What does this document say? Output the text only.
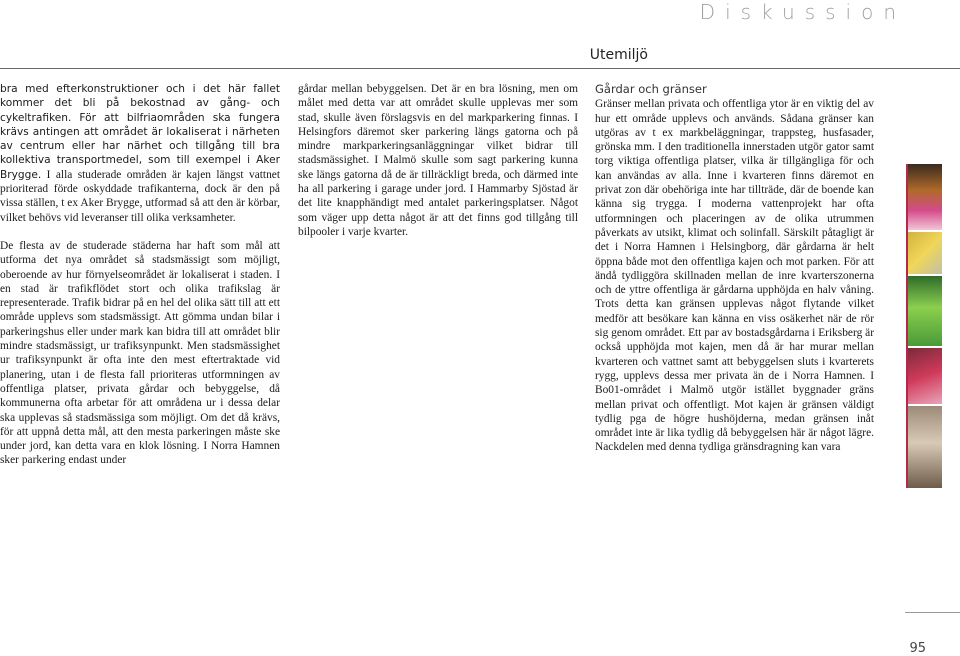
Diskussion
Utemiljö

bra med efterkonstruktioner och i det här fallet kommer det bli på bekostnad av gång- och cykeltrafiken. För att bilfriaområden ska fungera krävs antingen att området är lokaliserat i närheten av centrum eller har närhet och tillgång till bra kollektiva transportmedel, som till exempel i Aker Brygge. I alla studerade områden är kajen längst vattnet prioriterad förde oskyddade trafikanterna, dock är den på vissa ställen, t ex Aker Brygge, utformad så att den är körbar, vilket behövs vid leveranser till olika verksamheter.

De flesta av de studerade städerna har haft som mål att utforma det nya området så stadsmässigt som möjligt, oberoende av hur förnyelseområdet är lokaliserat i staden. I en stad är trafikflödet stort och olika trafikslag är representerade. Trafik bidrar på en hel del olika sätt till att ett område upplevs som stadsmässigt. Att gömma undan bilar i parkeringshus eller under mark kan bidra till att området blir mindre stadsmässigt, ur trafiksynpunkt. Men stadsmässighet ur trafiksynpunkt är ofta inte den mest eftertraktade vid planering, utan i de flesta fall prioriteras utformningen av offentliga platser, privata gårdar och bebyggelse, då kommunerna ofta arbetar för att områdena ur i dessa delar ska upplevas så stadsmässiga som möjligt. Om det då krävs, för att uppnå detta mål, att den mesta parkeringen måste ske under jord, kan detta vara en klok lösning. I Norra Hamnen sker parkering endast under

gårdar mellan bebyggelsen. Det är en bra lösning, men om målet med detta var att området skulle upplevas mer som stad, skulle även förslagsvis en del markparkering finnas. I Helsingfors däremot sker parkering längs gatorna och på mindre markparkeringsanläggningar vilket bidrar till stadsmässighet. I Malmö skulle som sagt parkering kunna ske längs gatorna då de är tillräckligt breda, och därmed inte ha all parkering i garage under jord. I Hammarby Sjöstad är det lite knapphändigt med antalet parkeringsplatser. Något som väger upp detta något är att det finns god tillgång till bilpooler i varje kvarter.

Gårdar och gränser

Gränser mellan privata och offentliga ytor är en viktig del av hur ett område upplevs och används. Sådana gränser kan utgöras av t ex markbeläggningar, trappsteg, husfasader, grönska mm. I den traditionella innerstaden utgör gator samt torg viktiga offentliga platser, vilka är tillgängliga för och kan användas av alla. Inne i kvarteren finns däremot en privat zon där obehöriga inte har tillträde, där de boende kan känna sig trygga. I moderna vattenprojekt har ofta utformningen och placeringen av de olika utrummen påverkats av utsikt, klimat och solinfall. Särskilt påtagligt är det i Norra Hamnen i Helsingborg, där gårdarna är helt öppna både mot den offentliga kajen och mot parken. För att ändå tydliggöra skillnaden mellan de inre kvarterszonerna och de yttre offentliga är gårdarna upphöjda en halv våning. Trots detta kan gränsen upplevas något flytande vilket medför att besökare kan känna en viss osäkerhet när de rör sig genom området. Ett par av bostadsgårdarna i Eriksberg är också upphöjda mot kajen, men då är har murar mellan kvarteren och vattnet samt att bebyggelsen sluts i kvarterets rygg, upplevs dessa mer privata än de i Norra Hamnen. I Bo01-området i Malmö utgör istället byggnader gräns mellan privat och offentligt. Mot kajen är gränsen väldigt tydlig pga de högre hushöjderna, medan gränsen inåt området inte är lika tydlig då bebyggelsen här är något lägre. Nackdelen med denna tydliga gränsdragning kan vara

95
